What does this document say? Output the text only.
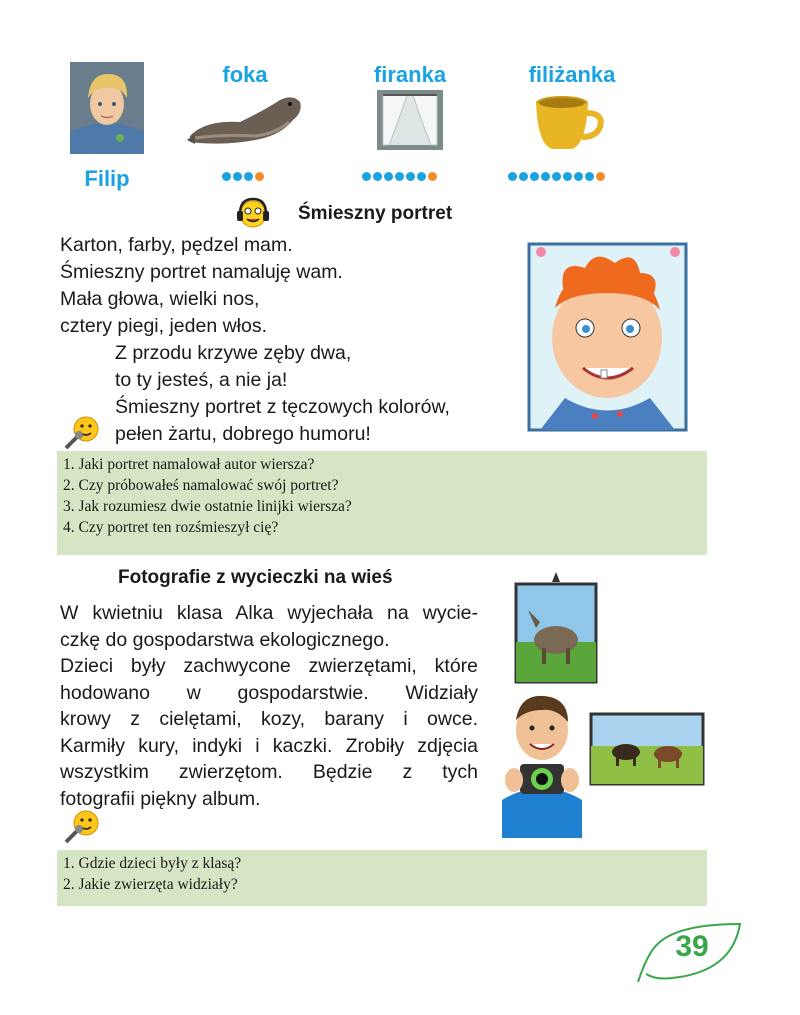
foka	firanka	filiżanka
Filip
Śmieszny portret
Karton, farby, pędzel mam.
Śmieszny portret namaluję wam.
Mała głowa, wielki nos,
cztery piegi, jeden włos.
Z przodu krzywe zęby dwa,
to ty jesteś, a nie ja!
Śmieszny portret z tęczowych kolorów,
pełen żartu, dobrego humoru!
1. Jaki portret namalował autor wiersza?
2. Czy próbowałeś namalować swój portret?
3. Jak rozumiesz dwie ostatnie linijki wiersza?
4. Czy portret ten rozśmieszył cię?
Fotografie z wycieczki na wieś
W kwietniu klasa Alka wyjechała na wycie-
czkę do gospodarstwa ekologicznego.
Dzieci były zachwycone zwierzętami, które
hodowano w gospodarstwie. Widziały
krowy z cielętami, kozy, barany i owce.
Karmiły kury, indyki i kaczki. Zrobiły zdjęcia
wszystkim zwierzętom. Będzie z tych
fotografii piękny album.
1. Gdzie dzieci były z klasą?
2. Jakie zwierzęta widziały?
39
